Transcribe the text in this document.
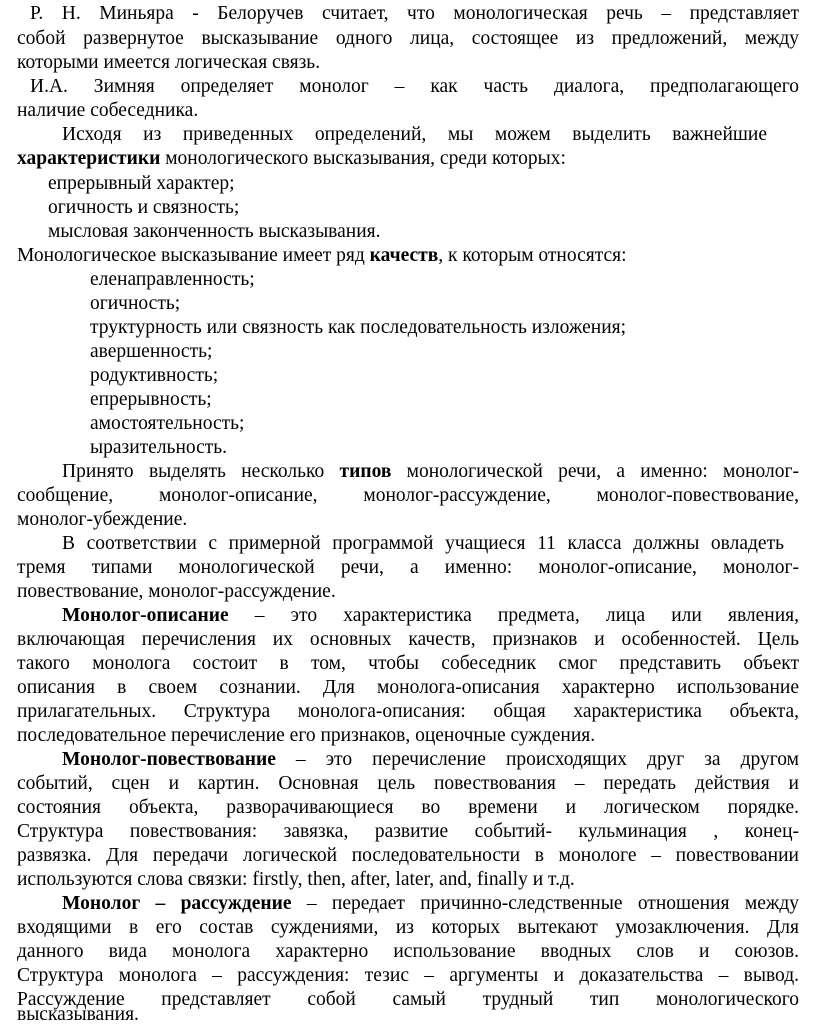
Р. Н. Миньяра - Белоручев считает, что монологическая речь – представляет
собой развернутое высказывание одного лица, состоящее из предложений, между
которыми имеется логическая связь.
И.А. Зимняя определяет монолог – как часть диалога, предполагающего
наличие собеседника.
Исходя из приведенных определений, мы можем выделить важнейшие
характеристики монологического высказывания, среди которых:
епрерывный характер;
огичность и связность;
мысловая законченность высказывания.
Монологическое высказывание имеет ряд качеств, к которым относятся:
еленаправленность;
огичность;
труктурность или связность как последовательность изложения;
авершенность;
родуктивность;
епрерывность;
амостоятельность;
ыразительность.
Принято выделять несколько типов монологической речи, а именно: монолог-
сообщение, монолог-описание, монолог-рассуждение, монолог-повествование,
монолог-убеждение.
В соответствии с примерной программой учащиеся 11 класса должны овладеть
тремя типами монологической речи, а именно: монолог-описание, монолог-
повествование, монолог-рассуждение.
Монолог-описание – это характеристика предмета, лица или явления,
включающая перечисления их основных качеств, признаков и особенностей. Цель
такого монолога состоит в том, чтобы собеседник смог представить объект
описания в своем сознании. Для монолога-описания характерно использование
прилагательных. Структура монолога-описания: общая характеристика объекта,
последовательное перечисление его признаков, оценочные суждения.
Монолог-повествование – это перечисление происходящих друг за другом
событий, сцен и картин. Основная цель повествования – передать действия и
состояния объекта, разворачивающиеся во времени и логическом порядке.
Структура повествования: завязка, развитие событий- кульминация , конец-
развязка. Для передачи логической последовательности в монологе – повествовании
используются слова связки: firstly, then, after, later, and, finally и т.д.
Монолог – рассуждение – передает причинно-следственные отношения между
входящими в его состав суждениями, из которых вытекают умозаключения. Для
данного вида монолога характерно использование вводных слов и союзов.
Структура монолога – рассуждения: тезис – аргументы и доказательства – вывод.
Рассуждение представляет собой самый трудный тип монологического
высказывания.
